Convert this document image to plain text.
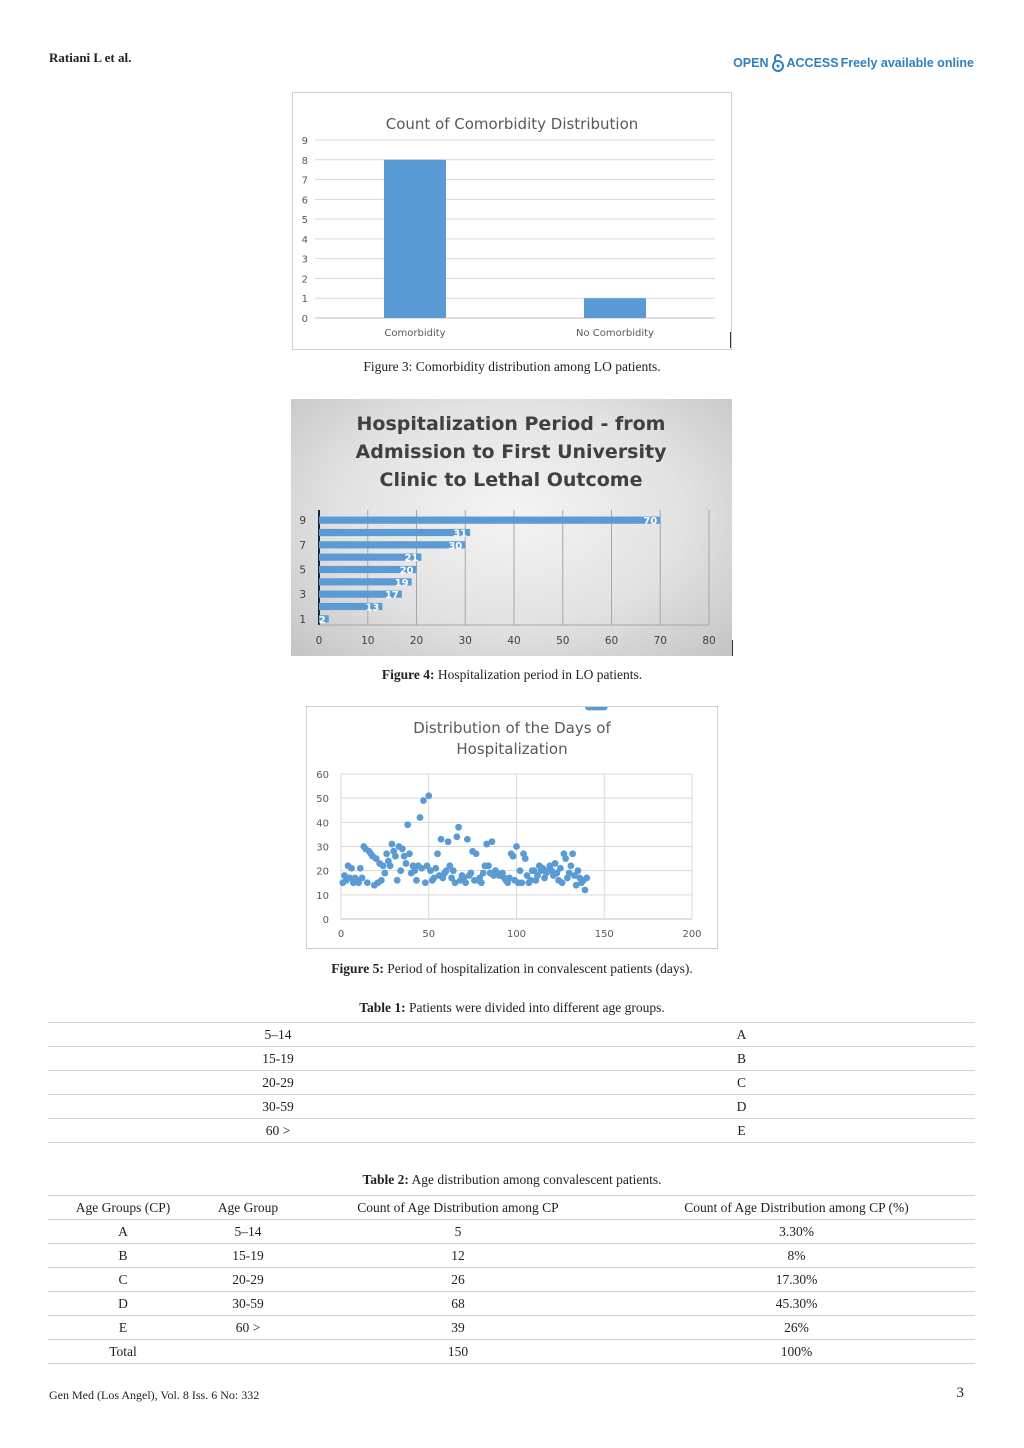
Ratiani L et al.	OPEN ACCESS Freely available online
Count of Comorbidity Distribution
0
1
2
3
4
5
6
7
8
9
Comorbidity	No Comorbidity
Figure 3: Comorbidity distribution among LO patients.
Hospitalization Period - from
Admission to First University
Clinic to Lethal Outcome
0	10	20	30	40	50	60	70	80
2
13
17
19
20
21
30
31
70
1
3
5
7
9
Figure 4: Hospitalization period in LO patients.
Distribution of the Days of
Hospitalization
0
10
20
30
40
50
60
0	50	100	150	200
Figure 5: Period of hospitalization in convalescent patients (days).
Table 1: Patients were divided into different age groups.
5–14	A
15-19	B
20-29	C
30-59	D
60 >	E
Table 2: Age distribution among convalescent patients.
Age Groups (CP)	Age Group	Count of Age Distribution among CP	Count of Age Distribution among CP (%)
A	5–14	5	3.30%
B	15-19	12	8%
C	20-29	26	17.30%
D	30-59	68	45.30%
E	60 >	39	26%
Total		150	100%
Gen Med (Los Angel), Vol. 8 Iss. 6 No: 332	3
